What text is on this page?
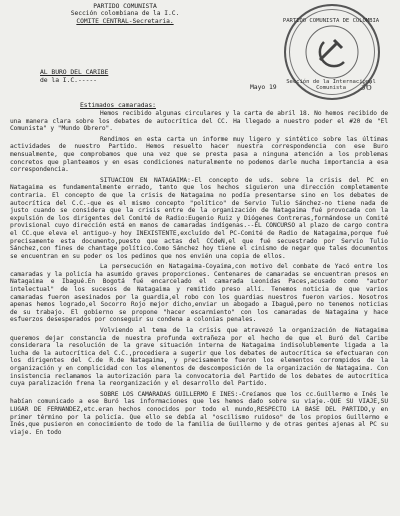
PARTIDO COMUNISTA
Sección colombiana de la I.C.
COMITE CENTRAL-Secretaria.	PARTIDO COMUNISTA DE COLOMBIA
Sección de la Internacional Comunista
AL BURO DEL CARIBE
de la I.C.-----
Mayo 19	36
Estimados camaradas:

Hemos recibido algunas circulares y la carta de abril 18. No hemos recibido de una manera clara sobre los debates de autocrítica del CC. Ha llegado a nuestro poder el #20 de "El Comunista" y "Mundo Obrero".

Rendimos en esta carta un informe muy ligero y sintético sobre las últimas actividades de nuestro Partido. Hemos resuelto hacer nuestra correspondencia con ese Buro mensualmente, que comprobamos que una vez que se presta pasa a ninguna atención a los problemas concretos que planteamos y en esas condiciones naturalmente no podemos darle mucha importancia a esa correspondencia.

SITUACION EN NATAGAIMA:-El concepto de uds. sobre la crisis del PC en Natagaima es fundamentalmente errado, tanto que los hechos siguieron una dirección completamente contraria. El concepto de que la crisis de Natagaima no podía presentarse sino en los debates de autocrítica del C.C.-que es el mismo concepto "político" de Servio Tulio Sánchez-no tiene nada de justo cuando se considera que la crisis entre de la organización de Natagaima fué provocada con la expulsión de los dirigentes del Comité de Radio:Eugenio Ruiz y Diógenes Contreras,formándose un Comité provisional cuyo dirección está en manos de camaradas indígenas.--EL CONCURSO al plazo de cargo contra el CC.que eleva el antiguo-y hoy INEXISTENTE,excluído del PC-Comité de Radio de Natagaima,porque fué precisamente esta documento,puesto que actas del CCdeN,el que fué secuestrado por Servio Tulio Sánchez,con fines de chantage político.Como Sánchez hoy tiene el cinismo de negar que tales documentos se encuentran en su poder os los pedimos que nos envién una copia de ellos.

La persecución en Natagaima-Coyaima,con motivo del combate de Yacó entre los camaradas y la policía ha asumido graves proporciones. Centenares de camaradas se encuentran presos en Natagaima e Ibagué.En Bogotá fué encarcelado el camarada Leonidas Paces,acusado como "autor intelectual" de los sucesos de Natagaima y remitido preso allí. Tenemos noticia de que varios camaradas fueron asesinados por la guardia,el robo con los guardias nuestros fueron varios. Nosotros apenas hemos logrado,el Socorro Rojo mejor dicho,enviar un abogado a Ibagué,pero no tenemos noticias de su trabajo. El gobierno se propone "hacer escarmiento" con los camaradas de Natagaima y hace esfuerzos desesperados por conseguir su condena a colonias penales.

Volviendo al tema de la crisis que atravezó la organización de Natagaima queremos dejar constancia de nuestra profunda extrañeza por el hecho de que el Buró del Caribe considerara la resolución de la grave situación interna de Natagaima indisolublemente ligada a la lucha de la autocrítica del C.C.,procediera a sugerir que los debates de autocrítica se efectuaran con los dirigentes del C.de R.de Natagaima, y precisamente fueron los elementos corrompidos de la organización y en complicidad con los elementos de descomposición de la organización de Natagaima. Con insistencia reclamamos la autorización para la convocatoria del Partido de los debates de autocrítica cuya paralización frena la reorganización y el desarrollo del Partido.

SOBRE LOS CAMARADAS GUILLERMO E INES:-Creíamos que los cc.Guillermo e Inés le habían comunicado a ese Buró las informaciones que les hemos dado sobre su viaje.-QUE SU VIAJE,SU LUGAR DE FERNANDEZ,etc.eran hechos conocidos por todo el mundo,RESPECTO LA BASE DEL PARTIDO,y en primer término por la policía. Que ello se debía al "oscilismo ruidoso" de los propios Guillermo e Inés,que pusieron en conocimiento de todo de la familia de Guillermo y de otras gentes ajenas al PC su viaje. En todo
